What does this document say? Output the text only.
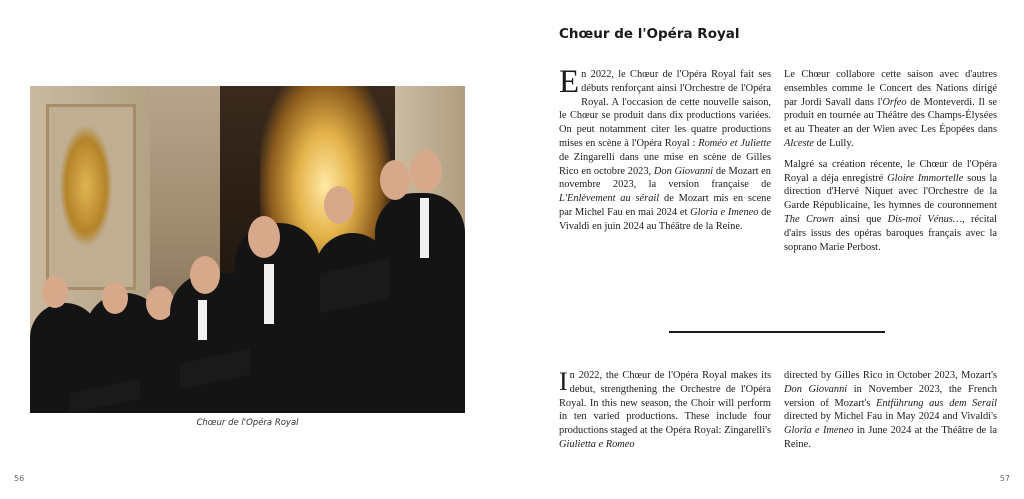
Chœur de l'Opéra Royal
56
Chœur de l'Opéra Royal

En 2022, le Chœur de l'Opéra Royal fait ses débuts renforçant ainsi l'Orchestre de l'Opéra Royal. A l'occasion de cette nouvelle saison, le Chœur se produit dans dix productions variées. On peut notamment citer les quatre productions mises en scène à l'Opéra Royal : Roméo et Juliette de Zingarelli dans une mise en scène de Gilles Rico en octobre 2023, Don Giovanni de Mozart en novembre 2023, la version française de L'Enlèvement au sérail de Mozart mis en scene par Michel Fau en mai 2024 et Gloria e Imeneo de Vivaldi en juin 2024 au Théâtre de la Reine.

Le Chœur collabore cette saison avec d'autres ensembles comme le Concert des Nations dirigé par Jordi Savall dans l'Orfeo de Monteverdi. Il se produit en tournée au Théâtre des Champs-Élysées et au Theater an der Wien avec Les Épopées dans Alceste de Lully.

Malgré sa création récente, le Chœur de l'Opéra Royal a déja enregistré Gloire Immortelle sous la direction d'Hervé Niquet avec l'Orchestre de la Garde Républicaine, les hymnes de couronnement The Crown ainsi que Dis-moi Vénus…, récital d'airs issus des opéras baroques français avec la soprano Marie Perbost.

In 2022, the Chœur de l'Opéra Royal makes its debut, strengthening the Orchestre de l'Opéra Royal. In this new season, the Choir will perform in ten varied productions. These include four productions staged at the Opéra Royal: Zingarelli's Giulietta e Romeo

directed by Gilles Rico in October 2023, Mozart's Don Giovanni in November 2023, the French version of Mozart's Entführung aus dem Serail directed by Michel Fau in May 2024 and Vivaldi's Gloria e Imeneo in June 2024 at the Théâtre de la Reine.

57
